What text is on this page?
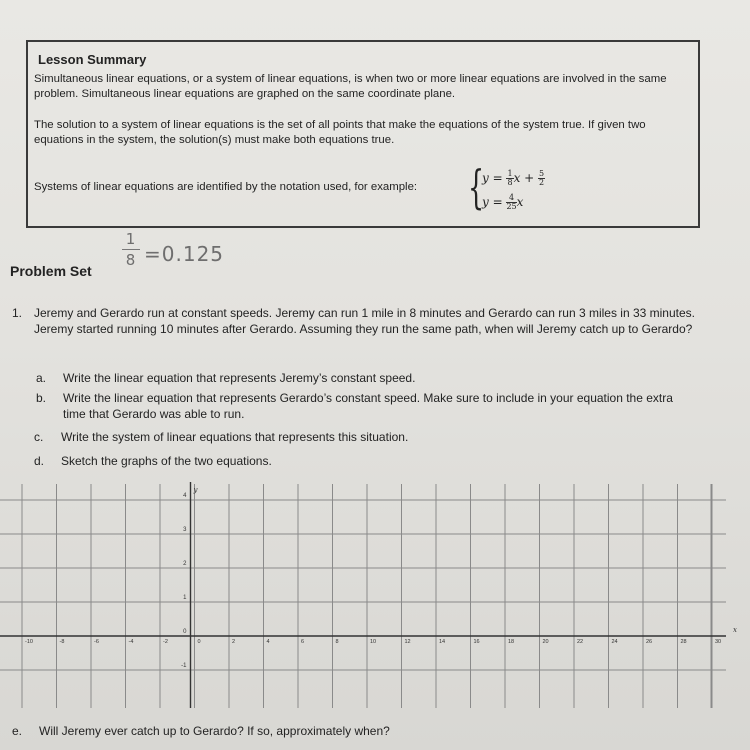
Lesson Summary
Simultaneous linear equations, or a system of linear equations, is when two or more linear equations are involved in the same problem. Simultaneous linear equations are graphed on the same coordinate plane.
The solution to a system of linear equations is the set of all points that make the equations of the system true. If given two equations in the system, the solution(s) must make both equations true.
Systems of linear equations are identified by the notation used, for example:	{
$y = \frac{1}{8}$ $x + \frac{5}{2}$
$y = \frac{4}{25}$ x
1
8 =0.125
Problem Set
1. Jeremy and Gerardo run at constant speeds. Jeremy can run 1 mile in 8 minutes and Gerardo can run 3 miles in 33 minutes. Jeremy started running 10 minutes after Gerardo. Assuming they run the same path, when will Jeremy catch up to Gerardo?
a. Write the linear equation that represents Jeremy’s constant speed.
b. Write the linear equation that represents Gerardo’s constant speed. Make sure to include in your equation the extra time that Gerardo was able to run.
c. Write the system of linear equations that represents this situation.
d. Sketch the graphs of the two equations.
4
3
2
1
0
-1
y
-10	-8	-6	-4	-2	0	2	4	6	8	10	12	14	16	18	20	22	24	26	28	30
x
e. Will Jeremy ever catch up to Gerardo? If so, approximately when?
